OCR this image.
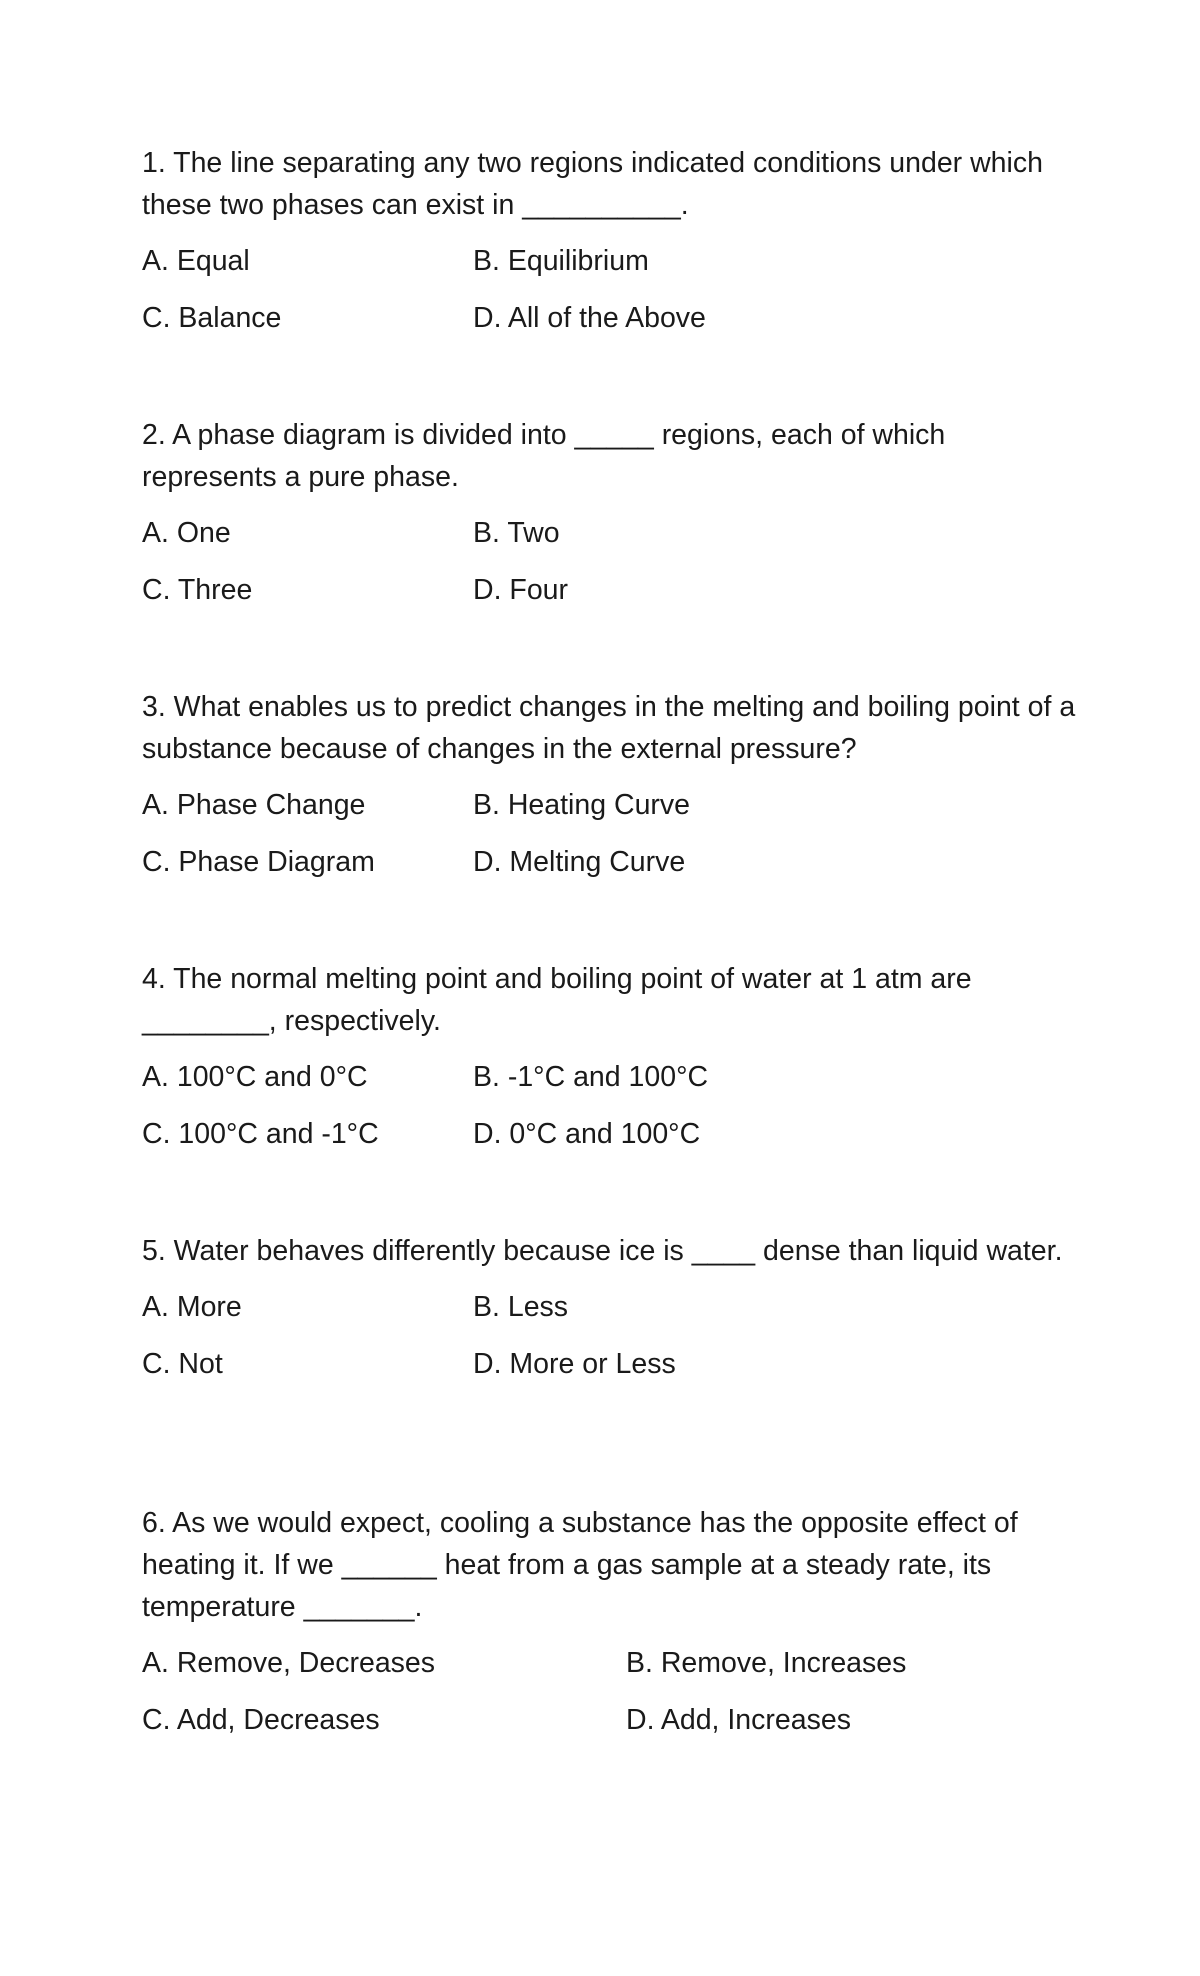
1. The line separating any two regions indicated conditions under which these two phases can exist in __________.

A. Equal	B. Equilibrium
C. Balance	D. All of the Above

2. A phase diagram is divided into _____ regions, each of which represents a pure phase.

A. One	B. Two
C. Three	D. Four

3. What enables us to predict changes in the melting and boiling point of a substance because of changes in the external pressure?

A. Phase Change	B. Heating Curve
C. Phase Diagram	D. Melting Curve

4. The normal melting point and boiling point of water at 1 atm are ________, respectively.

A. 100°C and 0°C	B. -1°C and 100°C
C. 100°C and -1°C	D. 0°C and 100°C

5. Water behaves differently because ice is ____ dense than liquid water.

A. More	B. Less
C. Not	D. More or Less

6. As we would expect, cooling a substance has the opposite effect of heating it. If we ______ heat from a gas sample at a steady rate, its temperature _______.

A. Remove, Decreases	B. Remove, Increases
C. Add, Decreases	D. Add, Increases
